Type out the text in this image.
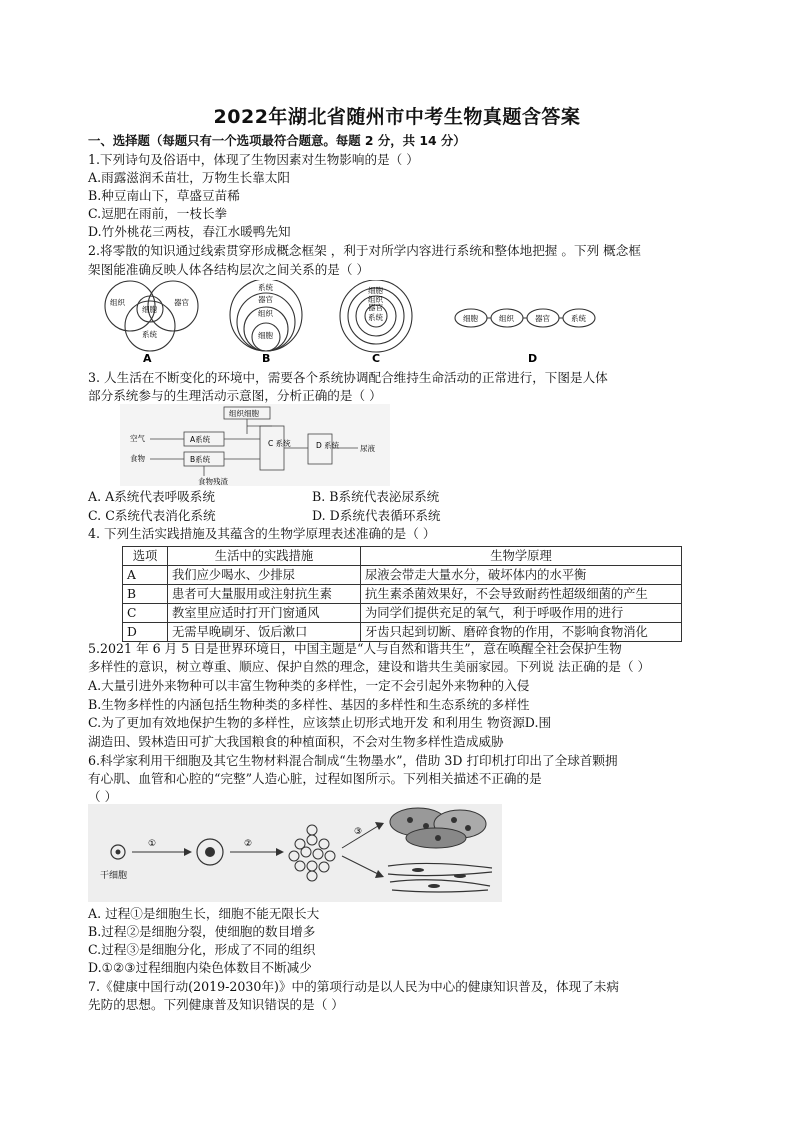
2022年湖北省随州市中考生物真题含答案
一、选择题（每题只有一个选项最符合题意。每题 2 分，共 14 分）
1.下列诗句及俗语中，体现了生物因素对生物影响的是（ ）
A.雨露滋润禾苗壮，万物生长靠太阳
B.种豆南山下，草盛豆苗稀
C.逗肥在雨前，一枝长拳
D.竹外桃花三两枝，春江水暖鸭先知
2.将零散的知识通过线索贯穿形成概念框架 ，利于对所学内容进行系统和整体地把握 。下列 概念框
架图能准确反映人体各结构层次之间关系的是（ ）
组织
细胞
器官
系统
A
系统
器官
组织
细胞
B
细胞
组织
器官
系统
C
细胞	组织	器官	系统
D
3. 人生活在不断变化的环境中，需要各个系统协调配合维持生命活动的正常进行，下图是人体
部分系统参与的生理活动示意图，分析正确的是（ ）
组织细胞
空气
食物
A系统
B系统
C 系统	D 系统	尿液
食物残渣
A. A系统代表呼吸系统	B. B系统代表泌尿系统
C. C系统代表消化系统	D. D系统代表循环系统
4. 下列生活实践措施及其蕴含的生物学原理表述准确的是（ ）
选项	生活中的实践措施	生物学原理
A	我们应少喝水、少排尿	尿液会带走大量水分，破坏体内的水平衡
B	患者可大量服用或注射抗生素	抗生素杀菌效果好，不会导致耐药性超级细菌的产生
C	教室里应适时打开门窗通风	为同学们提供充足的氧气，利于呼吸作用的进行
D	无需早晚刷牙、饭后漱口	牙齿只起到切断、磨碎食物的作用，不影响食物消化
5.2021 年 6 月 5 日是世界环境日，中国主题是“人与自然和谐共生”，意在唤醒全社会保护生物
多样性的意识，树立尊重、顺应、保护自然的理念，建设和谐共生美丽家园。下列说 法正确的是（ ）
A.大量引进外来物种可以丰富生物种类的多样性，一定不会引起外来物种的入侵
B.生物多样性的内涵包括生物种类的多样性、基因的多样性和生态系统的多样性
C.为了更加有效地保护生物的多样性，应该禁止切形式地开发 和利用生 物资源D.围
湖造田、毁林造田可扩大我国粮食的种植面积，不会对生物多样性造成威胁
6.科学家利用干细胞及其它生物材料混合制成“生物墨水”，借助 3D 打印机打印出了全球首颗拥
有心肌、血管和心腔的“完整”人造心脏，过程如图所示。下列相关描述不正确的是
（ ）
干细胞
①	②
③
A. 过程①是细胞生长，细胞不能无限长大
B.过程②是细胞分裂，使细胞的数目增多
C.过程③是细胞分化，形成了不同的组织
D.①②③过程细胞内染色体数目不断减少
7.《健康中国行动(2019-2030年)》中的第项行动是以人民为中心的健康知识普及，体现了未病
先防的思想。下列健康普及知识错误的是（ ）
